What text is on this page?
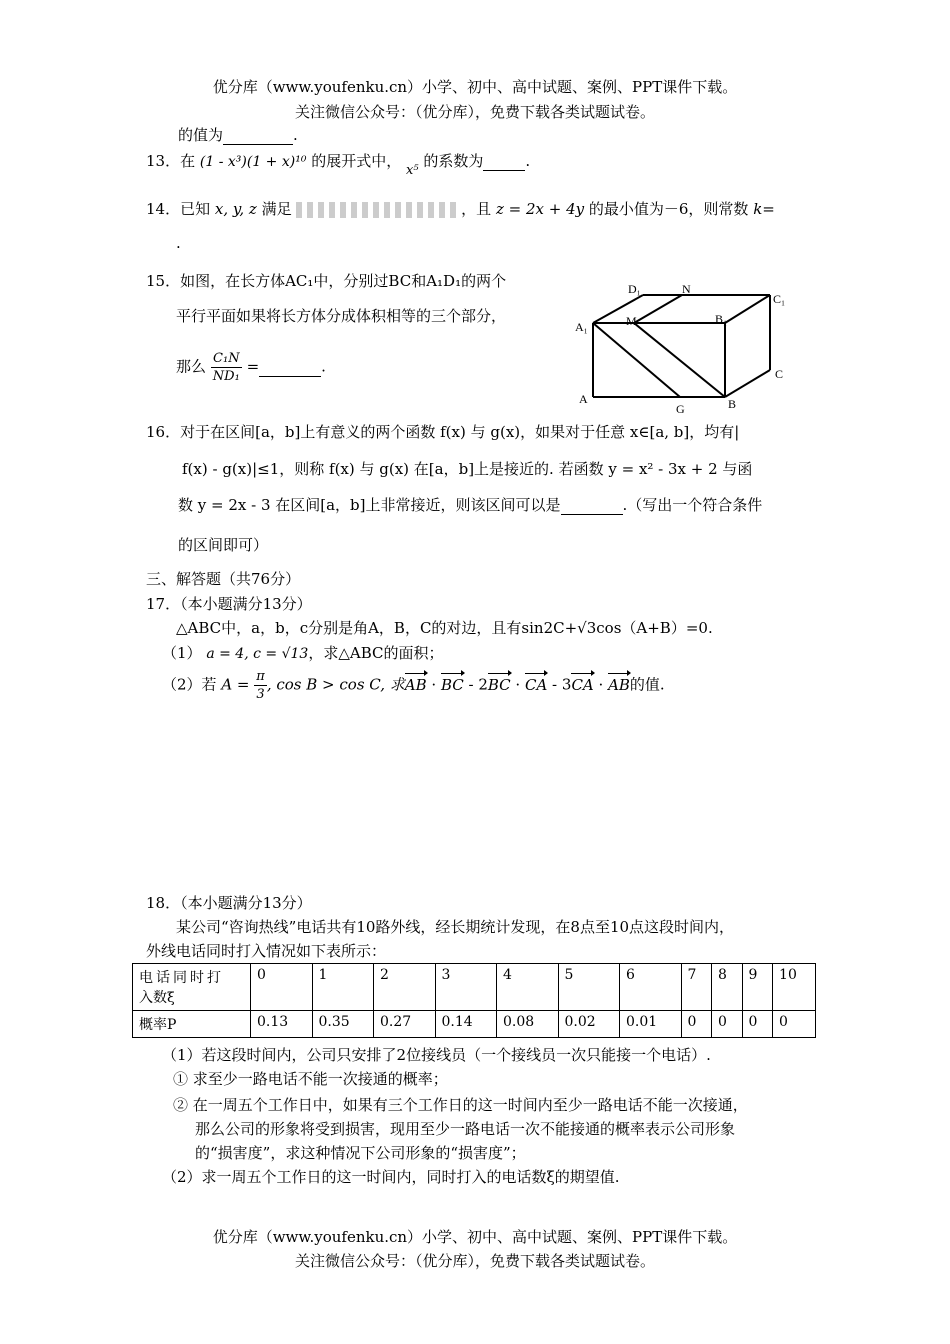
优分库（www.youfenku.cn）小学、初中、高中试题、案例、PPT课件下载。
关注微信公众号：（优分库），免费下载各类试题试卷。
的值为	.
13．在 (1 - x³)(1 + x)¹⁰ 的展开式中， x⁵ 的系数为	.
14．已知 x, y, z 满足	，且 z = 2x + 4y 的最小值为－6，则常数 k=
.
15．如图，在长方体AC₁中，分别过BC和A₁D₁的两个
平行平面如果将长方体分成体积相等的三个部分，
那么 $\frac{\text{C₁N}}{\text{ND₁}}$ =	.
D₁	N
C₁
A₁	M	B₁
C
A
G	B
16．对于在区间[a，b]上有意义的两个函数 f(x) 与 g(x)，如果对于任意 x∈[a, b]，均有|
f(x) - g(x)|≤1，则称 f(x) 与 g(x) 在[a，b]上是接近的. 若函数 y = x² - 3x + 2 与函
数 y = 2x - 3 在区间[a，b]上非常接近，则该区间可以是	.（写出一个符合条件
的区间即可）
三、解答题（共76分）
17．（本小题满分13分）
△ABC中，a，b，c分别是角A，B，C的对边，且有sin2C+√3cos（A+B）=0.
（1） a = 4, c = √13，求△ABC的面积；
（2）若 $A = \frac{\pi}{3}$ , cos B > cos C, 求AB · BC - 2BC · CA - 3CA · AB的值.
18．（本小题满分13分）
某公司“咨询热线”电话共有10路外线，经长期统计发现，在8点至10点这段时间内，
外线电话同时打入情况如下表所示：
电话同时打
入数ξ	0	1	2	3	4	5	6	7	8	9	10
概率P	0.13	0.35	0.27	0.14	0.08	0.02	0.01	0	0	0	0
（1）若这段时间内，公司只安排了2位接线员（一个接线员一次只能接一个电话）.
① 求至少一路电话不能一次接通的概率；
② 在一周五个工作日中，如果有三个工作日的这一时间内至少一路电话不能一次接通，
那么公司的形象将受到损害，现用至少一路电话一次不能接通的概率表示公司形象
的“损害度”，求这种情况下公司形象的“损害度”；
（2）求一周五个工作日的这一时间内，同时打入的电话数ξ的期望值.
优分库（www.youfenku.cn）小学、初中、高中试题、案例、PPT课件下载。
关注微信公众号：（优分库），免费下载各类试题试卷。
